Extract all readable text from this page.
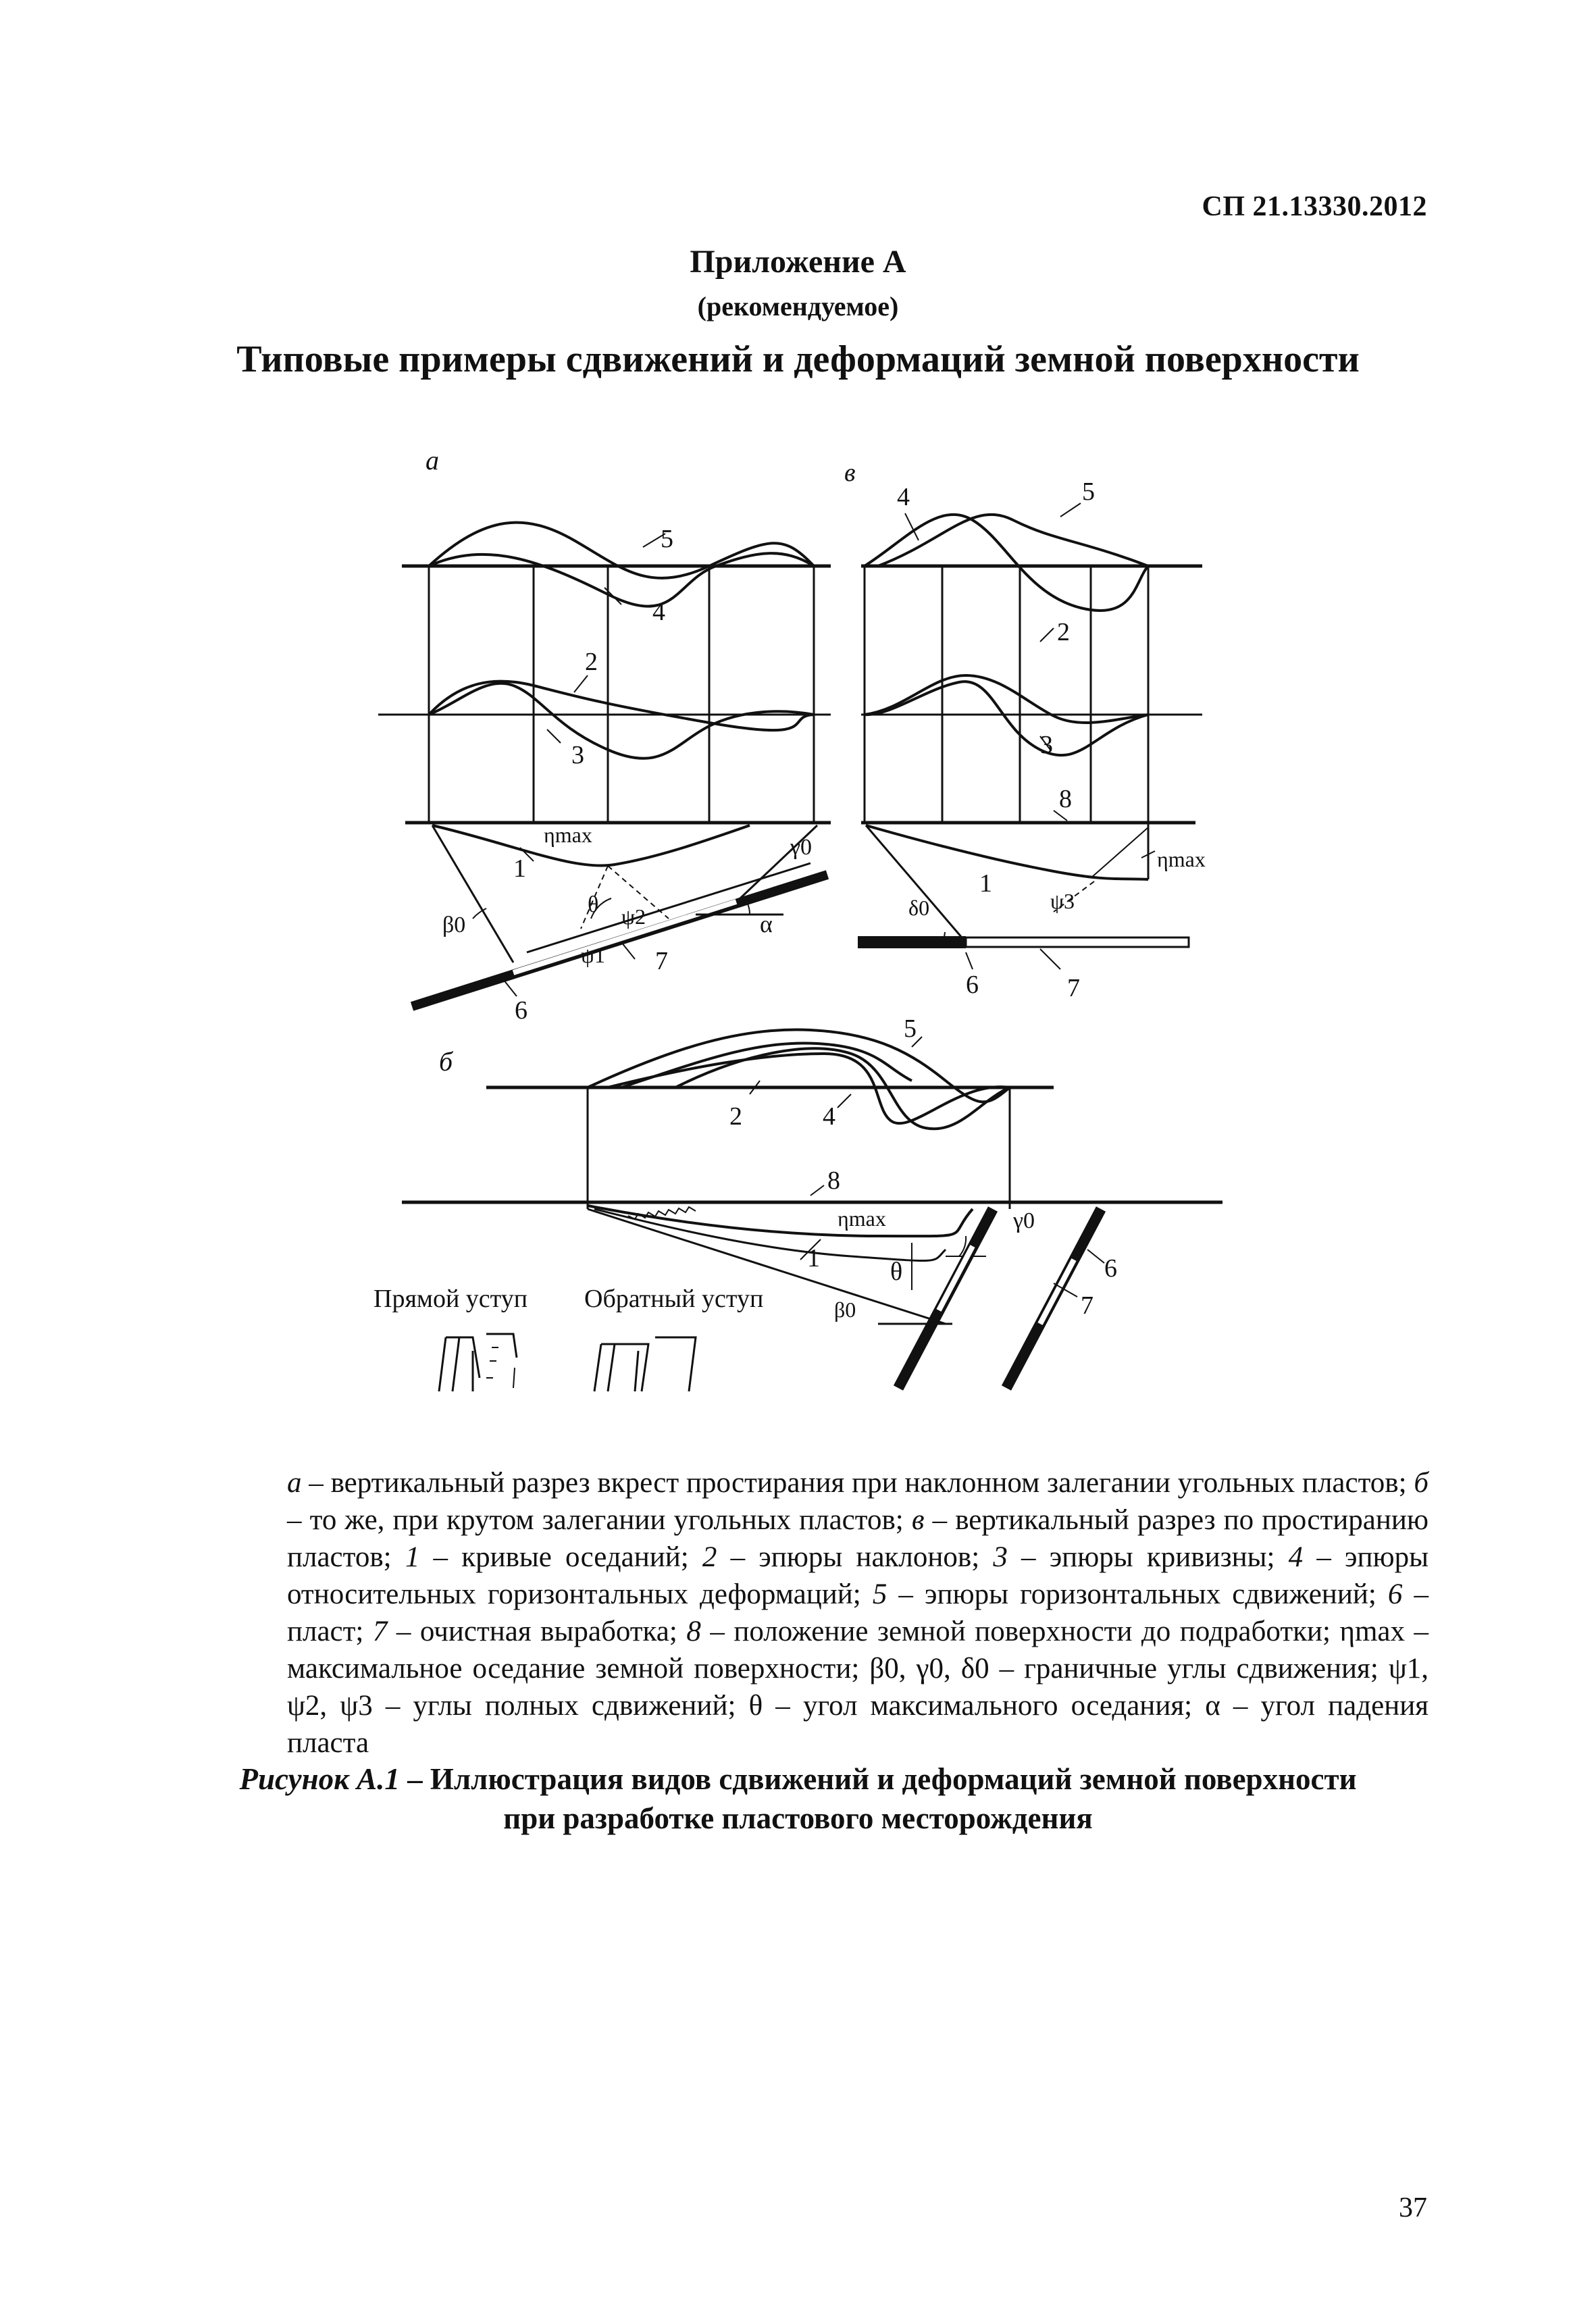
СП 21.13330.2012
Приложение А
(рекомендуемое)
Типовые примеры сдвижений и деформаций земной поверхности
а	в
б
5
4
2
3
ηmax
1
γ0
β0
θ ψ2
ψ1
α
7
6
4	5
2
3
8
ηmax
1
δ0	ψ3
6	7
5
2	4
8
ηmax	γ0
1	θ	6
7
β0
Прямой уступ Обратный уступ
а – вертикальный разрез вкрест простирания при наклонном залегании угольных пластов; б – то же, при крутом залегании угольных пластов; в – вертикальный разрез по простиранию пластов; 1 – кривые оседаний; 2 – эпюры наклонов; 3 – эпюры кривизны; 4 – эпюры относительных горизонтальных деформаций; 5 – эпюры горизонтальных сдвижений; 6 – пласт; 7 – очистная выработка; 8 – положение земной поверхности до подработки; ηmax – максимальное оседание земной поверхности; β0, γ0, δ0 – граничные углы сдвижения; ψ1, ψ2, ψ3 – углы полных сдвижений; θ – угол максимального оседания; α – угол падения пласта
Рисунок А.1 – Иллюстрация видов сдвижений и деформаций земной поверхности
при разработке пластового месторождения
37
